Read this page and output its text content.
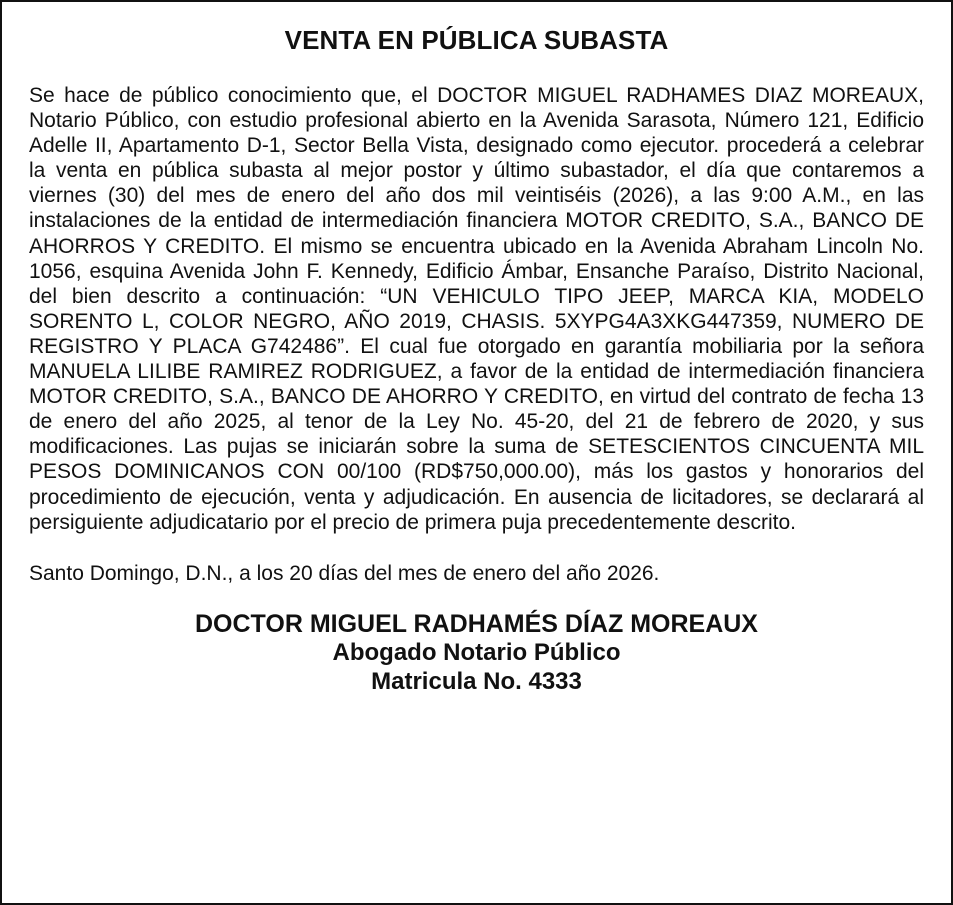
VENTA EN PÚBLICA SUBASTA

Se hace de público conocimiento que, el DOCTOR MIGUEL RADHAMES DIAZ MOREAUX, Notario Público, con estudio profesional abierto en la Avenida Sarasota, Número 121, Edificio Adelle II, Apartamento D-1, Sector Bella Vista, designado como ejecutor. procederá a celebrar la venta en pública subasta al mejor postor y último subastador, el día que contaremos a viernes (30) del mes de enero del año dos mil veintiséis (2026), a las 9:00 A.M., en las instalaciones de la entidad de intermediación financiera MOTOR CREDITO, S.A., BANCO DE AHORROS Y CREDITO. El mismo se encuentra ubicado en la Avenida Abraham Lincoln No. 1056, esquina Avenida John F. Kennedy, Edificio Ámbar, Ensanche Paraíso, Distrito Nacional, del bien descrito a continuación: “UN VEHICULO TIPO JEEP, MARCA KIA, MODELO SORENTO L, COLOR NEGRO, AÑO 2019, CHASIS. 5XYPG4A3XKG447359, NUMERO DE REGISTRO Y PLACA G742486”. El cual fue otorgado en garantía mobiliaria por la señora MANUELA LILIBE RAMIREZ RODRIGUEZ, a favor de la entidad de intermediación financiera MOTOR CREDITO, S.A., BANCO DE AHORRO Y CREDITO, en virtud del contrato de fecha 13 de enero del año 2025, al tenor de la Ley No. 45-20, del 21 de febrero de 2020, y sus modificaciones. Las pujas se iniciarán sobre la suma de SETESCIENTOS CINCUENTA MIL PESOS DOMINICANOS CON 00/100 (RD$750,000.00), más los gastos y honorarios del procedimiento de ejecución, venta y adjudicación. En ausencia de licitadores, se declarará al persiguiente adjudicatario por el precio de primera puja precedentemente descrito.

Santo Domingo, D.N., a los 20 días del mes de enero del año 2026.

DOCTOR MIGUEL RADHAMÉS DÍAZ MOREAUX
Abogado Notario Público
Matricula No. 4333
